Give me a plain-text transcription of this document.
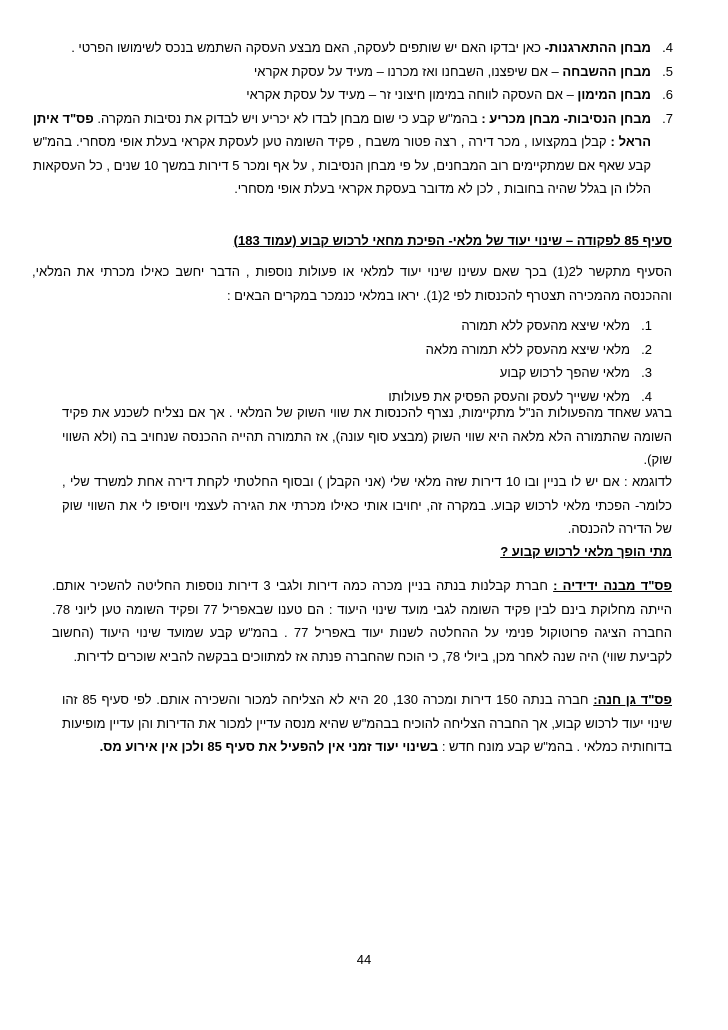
4.
מבחן ההתארגנות- כאן יבדקו האם יש שותפים לעסקה, האם מבצע העסקה השתמש בנכס לשימושו הפרטי .
5.
מבחן ההשבחה – אם שיפצנו, השבחנו ואז מכרנו – מעיד על עסקת אקראי
6.
מבחן המימון – אם העסקה לווחה במימון חיצוני זר – מעיד על עסקת אקראי
7.
מבחן הנסיבות- מבחן מכריע : בהמ"ש קבע כי שום מבחן לבדו לא יכריע ויש לבדוק את נסיבות המקרה. פס"ד איתן הראל : קבלן במקצועו , מכר דירה , רצה פטור משבח , פקיד השומה טען לעסקת אקראי בעלת אופי מסחרי. בהמ"ש קבע שאף אם שמתקיימים רוב המבחנים, על פי מבחן הנסיבות , על אף ומכר 5 דירות במשך 10 שנים , כל העסקאות הללו הן בגלל שהיה בחובות , לכן לא מדובר בעסקת אקראי בעלת אופי מסחרי.
סעיף 85 לפקודה – שינוי יעוד של מלאי- הפיכת מחאי לרכוש קבוע (עמוד 183)

הסעיף מתקשר ל2(1) בכך שאם עשינו שינוי יעוד למלאי או פעולות נוספות , הדבר יחשב כאילו מכרתי את המלאי, וההכנסה מהמכירה תצטרף להכנסות לפי 2(1). יראו במלאי כנמכר במקרים הבאים :

1.
מלאי שיצא מהעסק ללא תמורה
2.
מלאי שיצא מהעסק ללא תמורה מלאה
3.
מלאי שהפך לרכוש קבוע
4.
מלאי ששייך לעסק והעסק הפסיק את פעולותו

ברגע שאחד מהפעולות הנ"ל מתקיימות, נצרף להכנסות את שווי השוק של המלאי . אך אם נצליח לשכנע את פקיד השומה שהתמורה הלא מלאה היא שווי השוק (מבצע סוף עונה), אז התמורה תהייה ההכנסה שנחויב בה (ולא השווי שוק).

לדוגמא : אם יש לו בניין ובו 10 דירות שזה מלאי שלי (אני הקבלן ) ובסוף החלטתי לקחת דירה אחת למשרד שלי , כלומר- הפכתי מלאי לרכוש קבוע. במקרה זה, יחויבו אותי כאילו מכרתי את הגירה לעצמי ויוסיפו לי את השווי שוק של הדירה להכנסה.

מתי הופך מלאי לרכוש קבוע ?

פס"ד מבנה ידידיה : חברת קבלנות בנתה בניין מכרה כמה דירות ולגבי 3 דירות נוספות החליטה להשכיר אותם. הייתה מחלוקת בינם לבין פקיד השומה לגבי מועד שינוי היעוד : הם טענו שבאפריל 77 ופקיד השומה טען ליוני 78. החברה הציגה פרוטוקול פנימי על ההחלטה לשנות יעוד באפריל 77 . בהמ"ש קבע שמועד שינוי היעוד (החשוב לקביעת שווי) היה שנה לאחר מכן, ביולי 78, כי הוכח שהחברה פנתה אז למתווכים בבקשה להביא שוכרים לדירות.

פס"ד גן חנה: חברה בנתה 150 דירות ומכרה 130, 20 היא לא הצליחה למכור והשכירה אותם. לפי סעיף 85 זהו שינוי יעוד לרכוש קבוע, אך החברה הצליחה להוכיח בבהמ"ש שהיא מנסה עדיין למכור את הדירות והן עדיין מופיעות בדוחותיה כמלאי . בהמ"ש קבע מונח חדש : בשינוי יעוד זמני אין להפעיל את סעיף 85 ולכן אין אירוע מס.

44
